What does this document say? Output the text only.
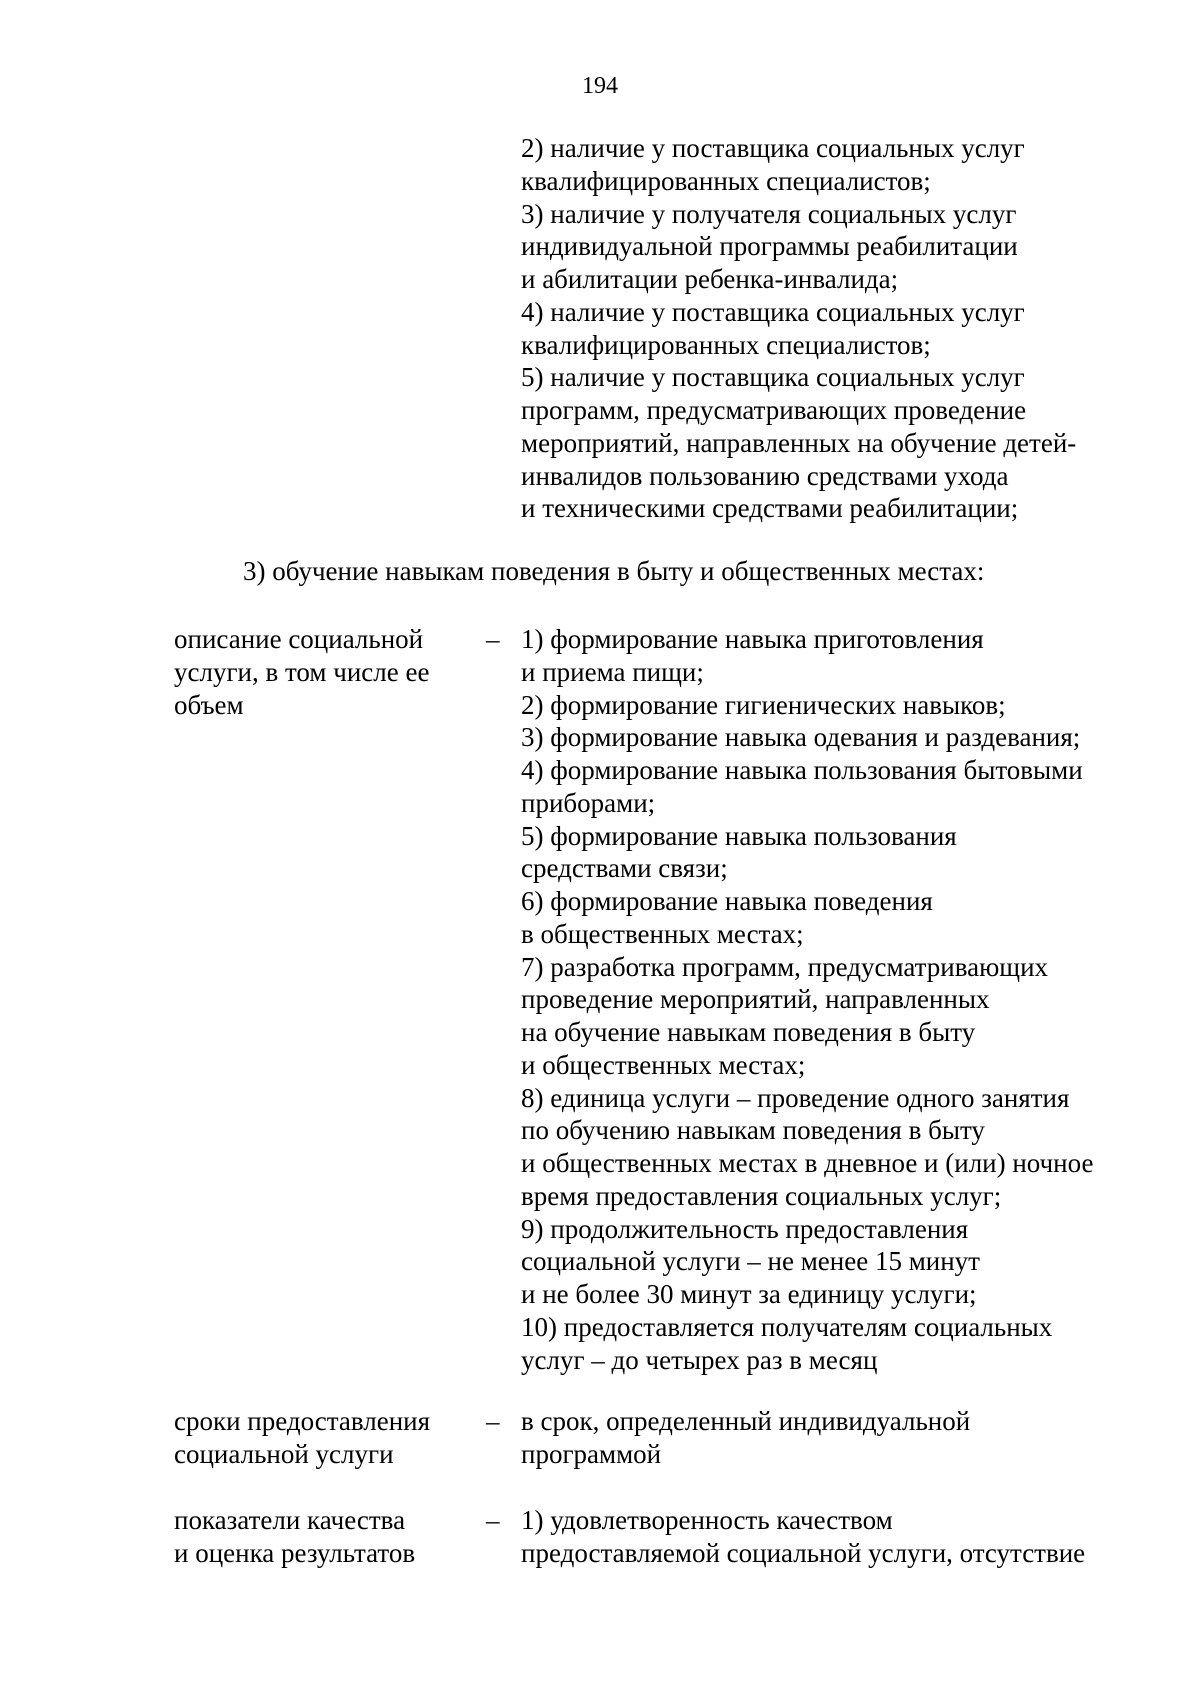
194
2) наличие у поставщика социальных услуг
квалифицированных специалистов;
3) наличие у получателя социальных услуг
индивидуальной программы реабилитации
и абилитации ребенка-инвалида;
4) наличие у поставщика социальных услуг
квалифицированных специалистов;
5) наличие у поставщика социальных услуг
программ, предусматривающих проведение
мероприятий, направленных на обучение детей-
инвалидов пользованию средствами ухода
и техническими средствами реабилитации;
3) обучение навыкам поведения в быту и общественных местах:
описание социальной
услуги, в том числе ее
объем
– 1) формирование навыка приготовления
и приема пищи;
2) формирование гигиенических навыков;
3) формирование навыка одевания и раздевания;
4) формирование навыка пользования бытовыми
приборами;
5) формирование навыка пользования
средствами связи;
6) формирование навыка поведения
в общественных местах;
7) разработка программ, предусматривающих
проведение мероприятий, направленных
на обучение навыкам поведения в быту
и общественных местах;
8) единица услуги – проведение одного занятия
по обучению навыкам поведения в быту
и общественных местах в дневное и (или) ночное
время предоставления социальных услуг;
9) продолжительность предоставления
социальной услуги – не менее 15 минут
и не более 30 минут за единицу услуги;
10) предоставляется получателям социальных
услуг – до четырех раз в месяц
сроки предоставления
социальной услуги
– в срок, определенный индивидуальной
программой
показатели качества
и оценка результатов
– 1) удовлетворенность качеством
предоставляемой социальной услуги, отсутствие
